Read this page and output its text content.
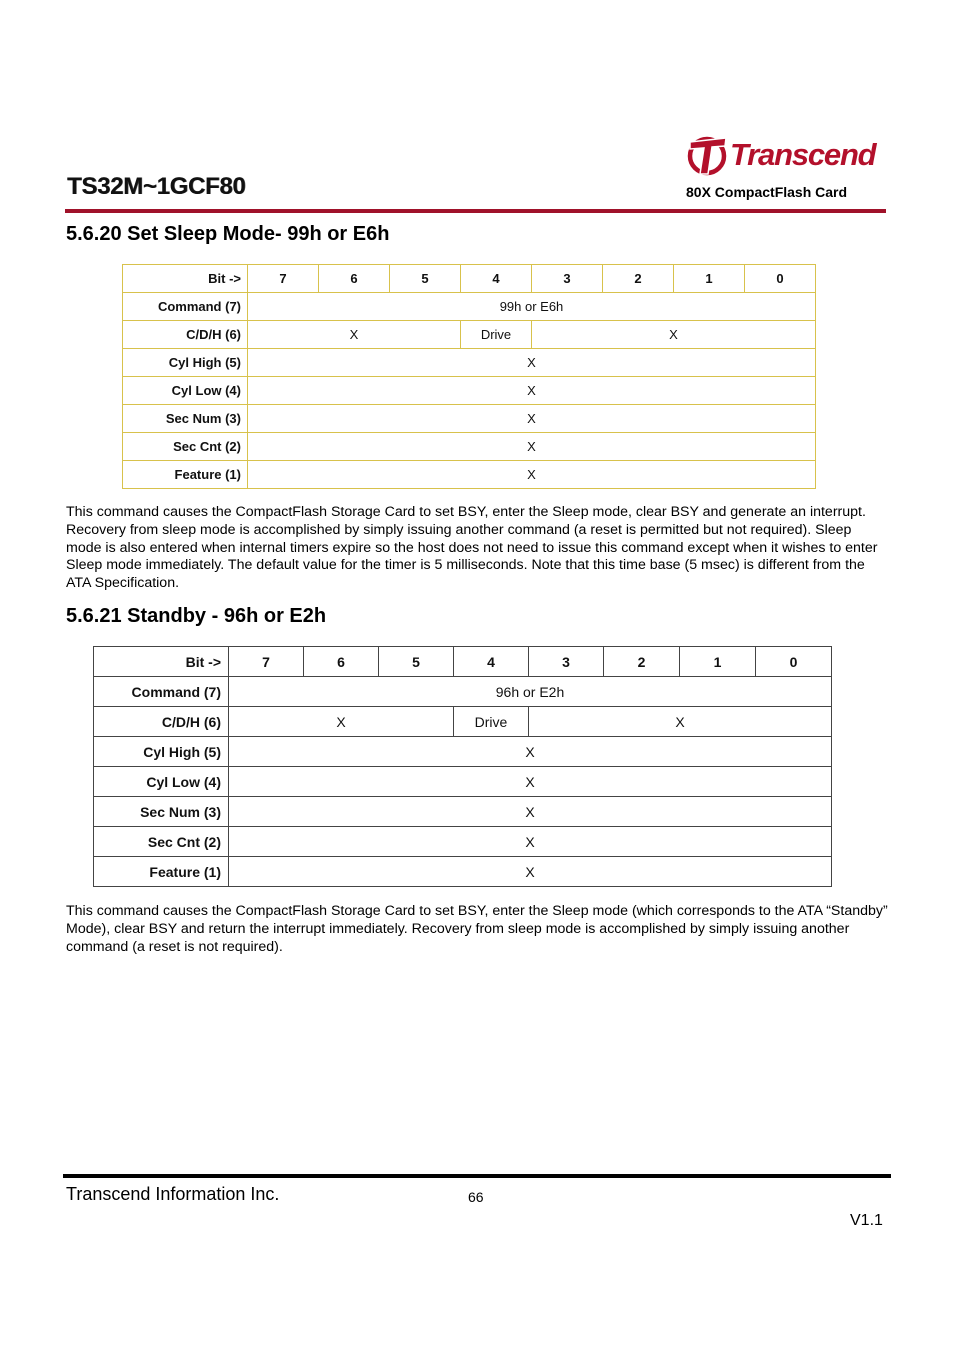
Transcend
TS32M~1GCF80	80X CompactFlash Card
5.6.20 Set Sleep Mode- 99h or E6h
Bit ->	7	6	5	4	3	2	1	0
Command (7)	99h or E6h							
C/D/H (6)	X			Drive	X			
Cyl High (5)	X							
Cyl Low (4)	X							
Sec Num (3)	X							
Sec Cnt (2)	X							
Feature (1)	X							

This command causes the CompactFlash Storage Card to set BSY, enter the Sleep mode, clear BSY and generate an interrupt. Recovery from sleep mode is accomplished by simply issuing another command (a reset is permitted but not required). Sleep mode is also entered when internal timers expire so the host does not need to issue this command except when it wishes to enter Sleep mode immediately. The default value for the timer is 5 milliseconds. Note that this time base (5 msec) is different from the ATA Specification.

5.6.21 Standby - 96h or E2h
Bit ->	7	6	5	4	3	2	1	0
Command (7)	96h or E2h							
C/D/H (6)	X			Drive	X			
Cyl High (5)	X							
Cyl Low (4)	X							
Sec Num (3)	X							
Sec Cnt (2)	X							
Feature (1)	X							

This command causes the CompactFlash Storage Card to set BSY, enter the Sleep mode (which corresponds to the ATA “Standby” Mode), clear BSY and return the interrupt immediately. Recovery from sleep mode is accomplished by simply issuing another command (a reset is not required).

Transcend Information Inc.	66
V1.1
